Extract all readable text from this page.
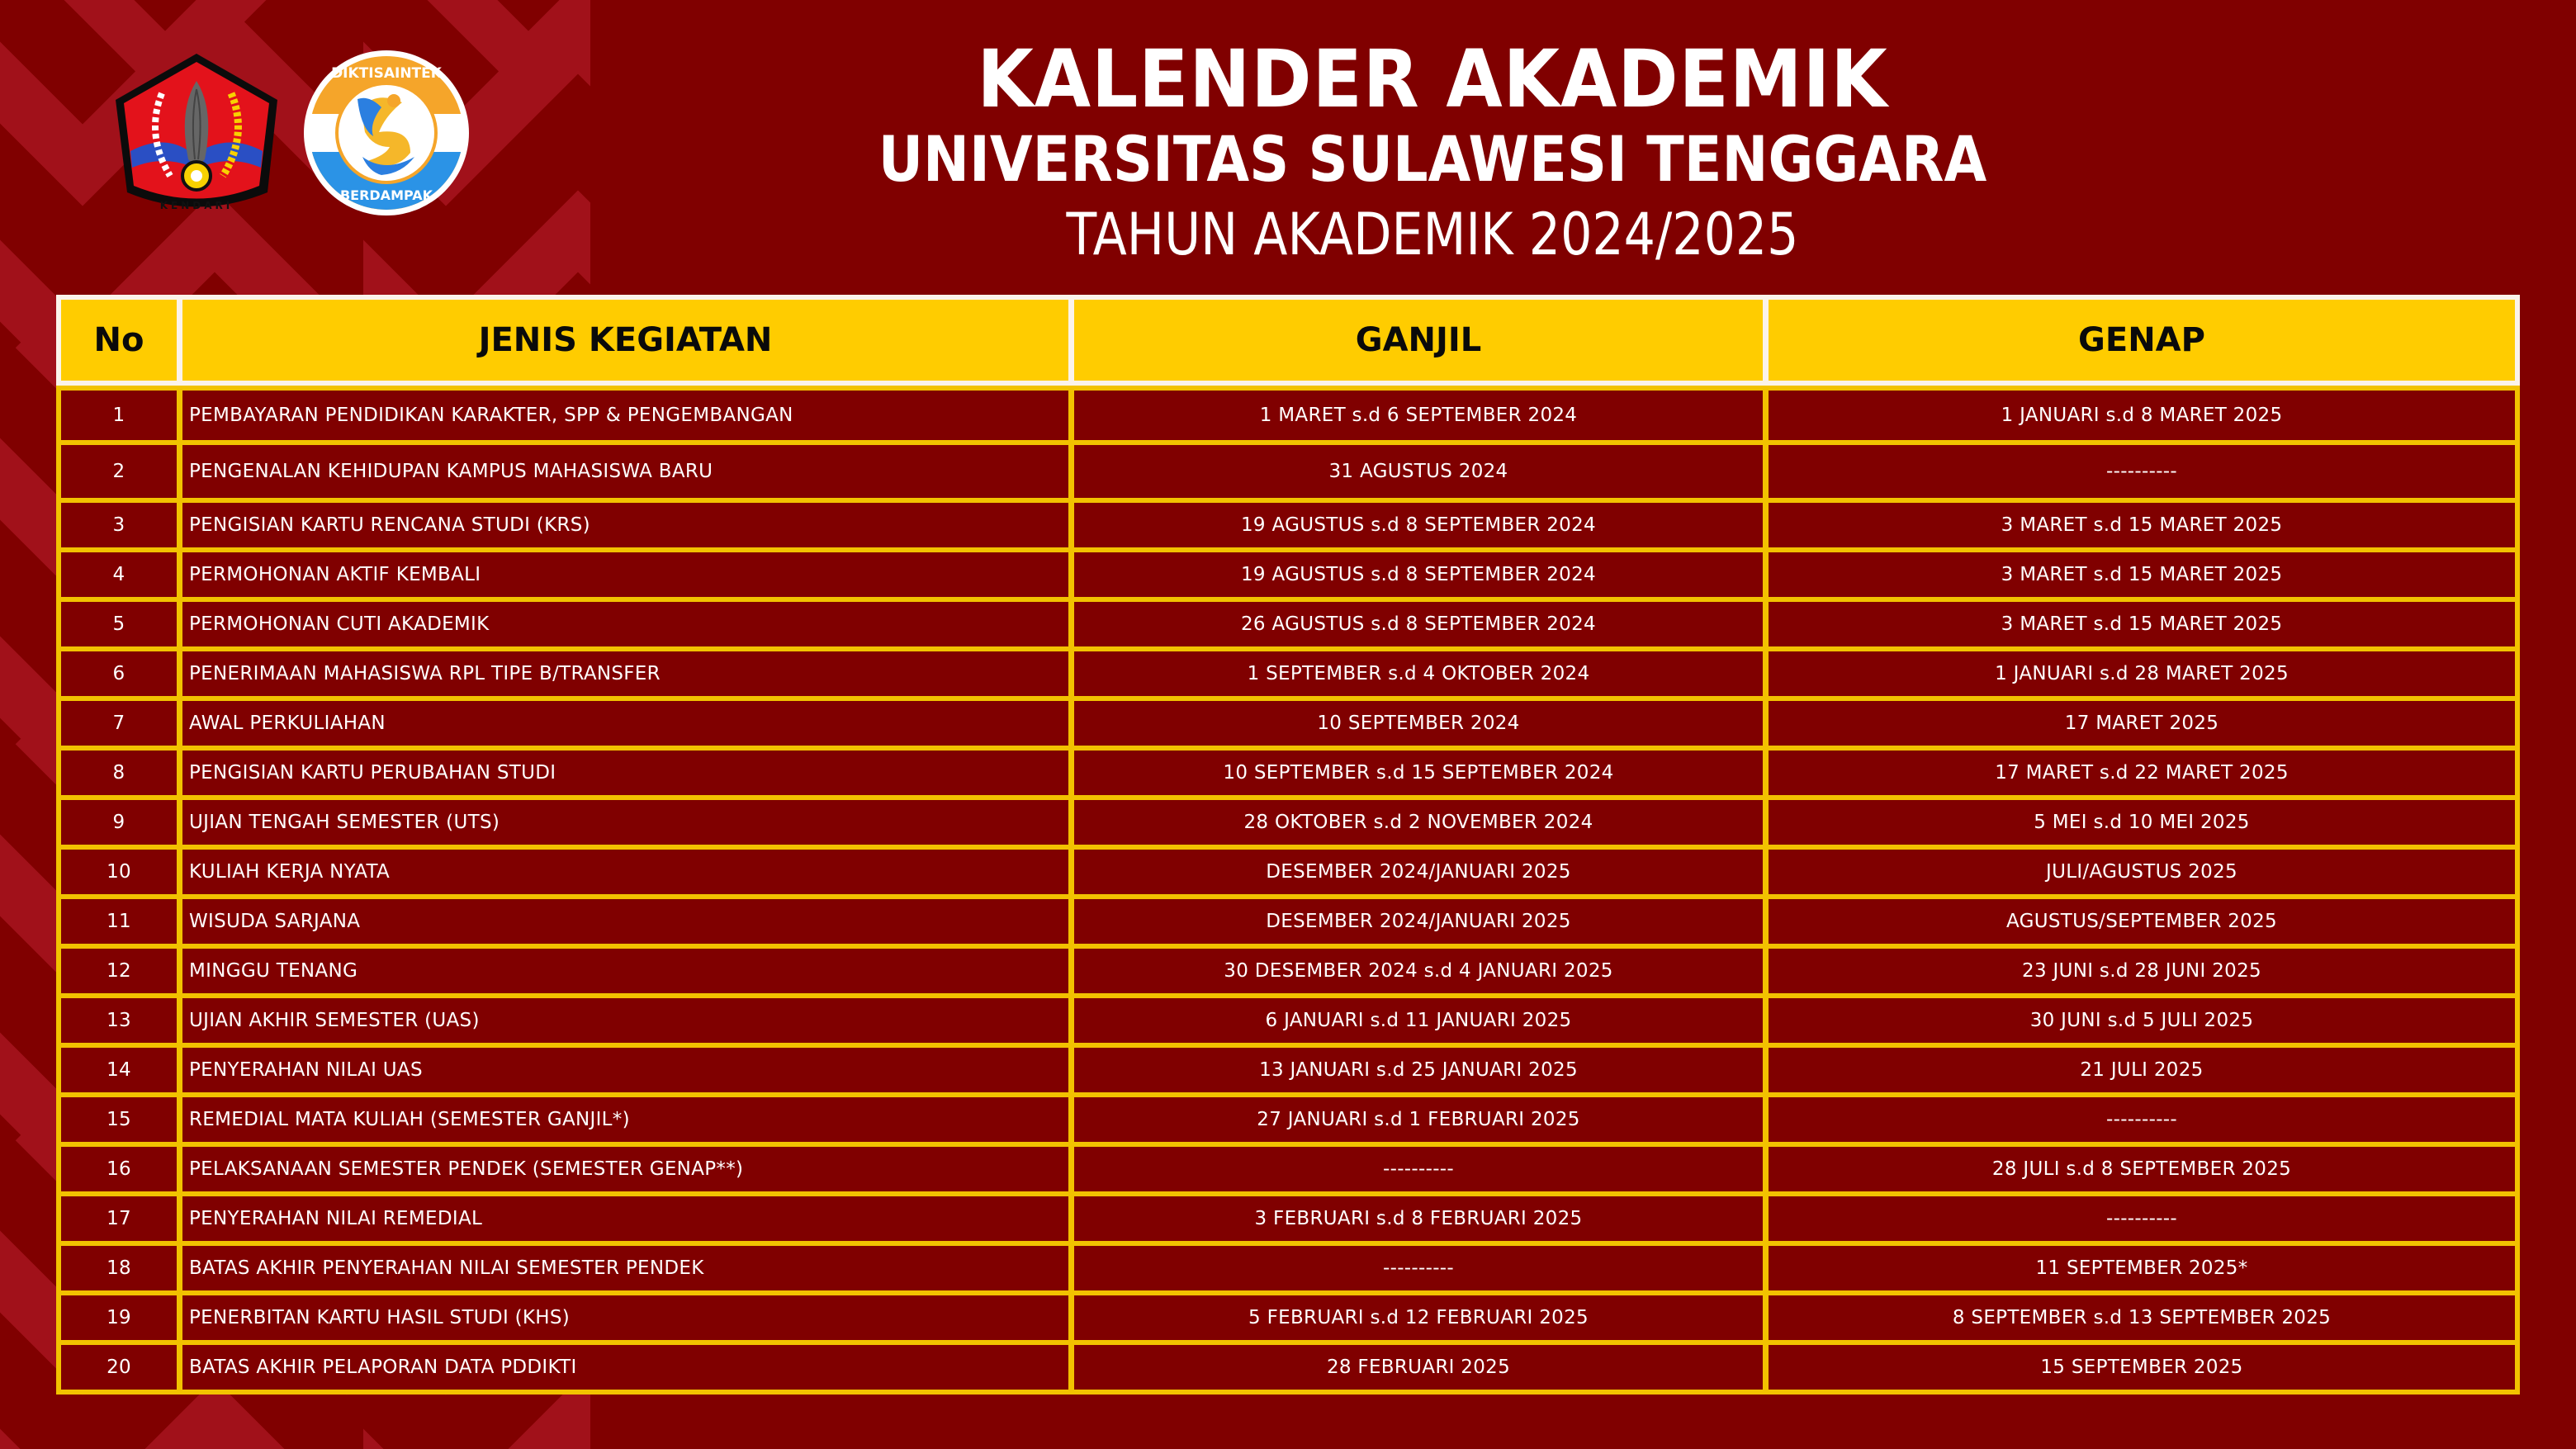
KENDARI
DIKTISAINTEK
BERDAMPAK
KALENDER AKADEMIK
UNIVERSITAS SULAWESI TENGGARA
TAHUN AKADEMIK 2024/2025
No	JENIS KEGIATAN	GANJIL	GENAP
1	PEMBAYARAN PENDIDIKAN KARAKTER, SPP & PENGEMBANGAN	1 MARET s.d 6 SEPTEMBER 2024	1 JANUARI s.d 8 MARET 2025
2	PENGENALAN KEHIDUPAN KAMPUS MAHASISWA BARU	31 AGUSTUS 2024	----------
3	PENGISIAN KARTU RENCANA STUDI (KRS)	19 AGUSTUS s.d 8 SEPTEMBER 2024	3 MARET s.d 15 MARET 2025
4	PERMOHONAN AKTIF KEMBALI	19 AGUSTUS s.d 8 SEPTEMBER 2024	3 MARET s.d 15 MARET 2025
5	PERMOHONAN CUTI AKADEMIK	26 AGUSTUS s.d 8 SEPTEMBER 2024	3 MARET s.d 15 MARET 2025
6	PENERIMAAN MAHASISWA RPL TIPE B/TRANSFER	1 SEPTEMBER s.d 4 OKTOBER 2024	1 JANUARI s.d 28 MARET 2025
7	AWAL PERKULIAHAN	10 SEPTEMBER 2024	17 MARET 2025
8	PENGISIAN KARTU PERUBAHAN STUDI	10 SEPTEMBER s.d 15 SEPTEMBER 2024	17 MARET s.d 22 MARET 2025
9	UJIAN TENGAH SEMESTER (UTS)	28 OKTOBER s.d 2 NOVEMBER 2024	5 MEI s.d 10 MEI 2025
10	KULIAH KERJA NYATA	DESEMBER 2024/JANUARI 2025	JULI/AGUSTUS 2025
11	WISUDA SARJANA	DESEMBER 2024/JANUARI 2025	AGUSTUS/SEPTEMBER 2025
12	MINGGU TENANG	30 DESEMBER 2024 s.d 4 JANUARI 2025	23 JUNI s.d 28 JUNI 2025
13	UJIAN AKHIR SEMESTER (UAS)	6 JANUARI s.d 11 JANUARI 2025	30 JUNI s.d 5 JULI 2025
14	PENYERAHAN NILAI UAS	13 JANUARI s.d 25 JANUARI 2025	21 JULI 2025
15	REMEDIAL MATA KULIAH (SEMESTER GANJIL*)	27 JANUARI s.d 1 FEBRUARI 2025	----------
16	PELAKSANAAN SEMESTER PENDEK (SEMESTER GENAP**)	----------	28 JULI s.d 8 SEPTEMBER 2025
17	PENYERAHAN NILAI REMEDIAL	3 FEBRUARI s.d 8 FEBRUARI 2025	----------
18	BATAS AKHIR PENYERAHAN NILAI SEMESTER PENDEK	----------	11 SEPTEMBER 2025*
19	PENERBITAN KARTU HASIL STUDI (KHS)	5 FEBRUARI s.d 12 FEBRUARI 2025	8 SEPTEMBER s.d 13 SEPTEMBER 2025
20	BATAS AKHIR PELAPORAN DATA PDDIKTI	28 FEBRUARI 2025	15 SEPTEMBER 2025
